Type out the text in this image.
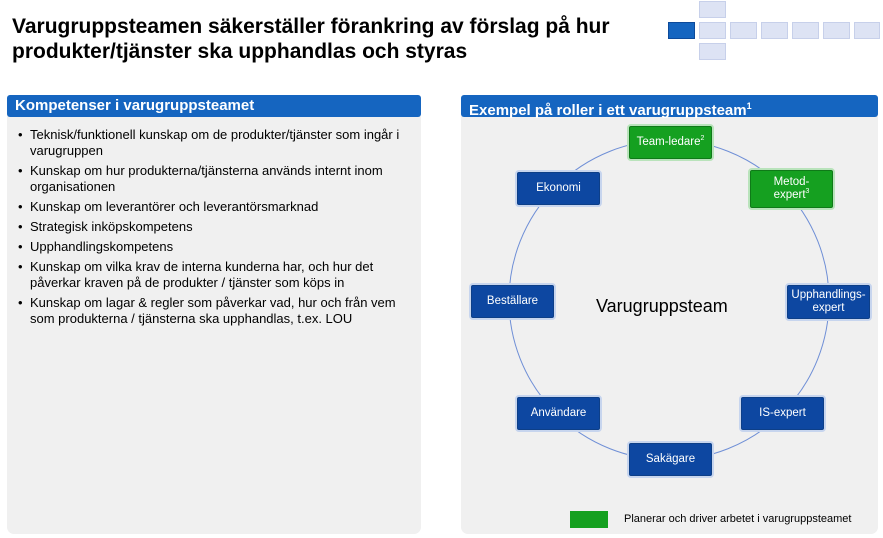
Varugruppsteamen säkerställer förankring av förslag på hur produkter/tjänster ska upphandlas och styras
Kompetenser i varugruppsteamet
• Teknisk/funktionell kunskap om de produkter/tjänster som ingår i varugruppen
• Kunskap om hur produkterna/tjänsterna används internt inom organisationen
• Kunskap om leverantörer och leverantörsmarknad
• Strategisk inköpskompetens
• Upphandlingskompetens
• Kunskap om vilka krav de interna kunderna har, och hur det påverkar kraven på de produkter / tjänster som köps in
• Kunskap om lagar & regler som påverkar vad, hur och från vem som produkterna / tjänsterna ska upphandlas, t.ex. LOU
Exempel på roller i ett varugruppsteam$^1$
Varugruppsteam
Team-ledare$^2$
Metod-
expert$^3$
Upphandlings-
expert
IS-expert
Sakägare
Användare
Beställare
Ekonomi
Planerar och driver arbetet i varugruppsteamet
